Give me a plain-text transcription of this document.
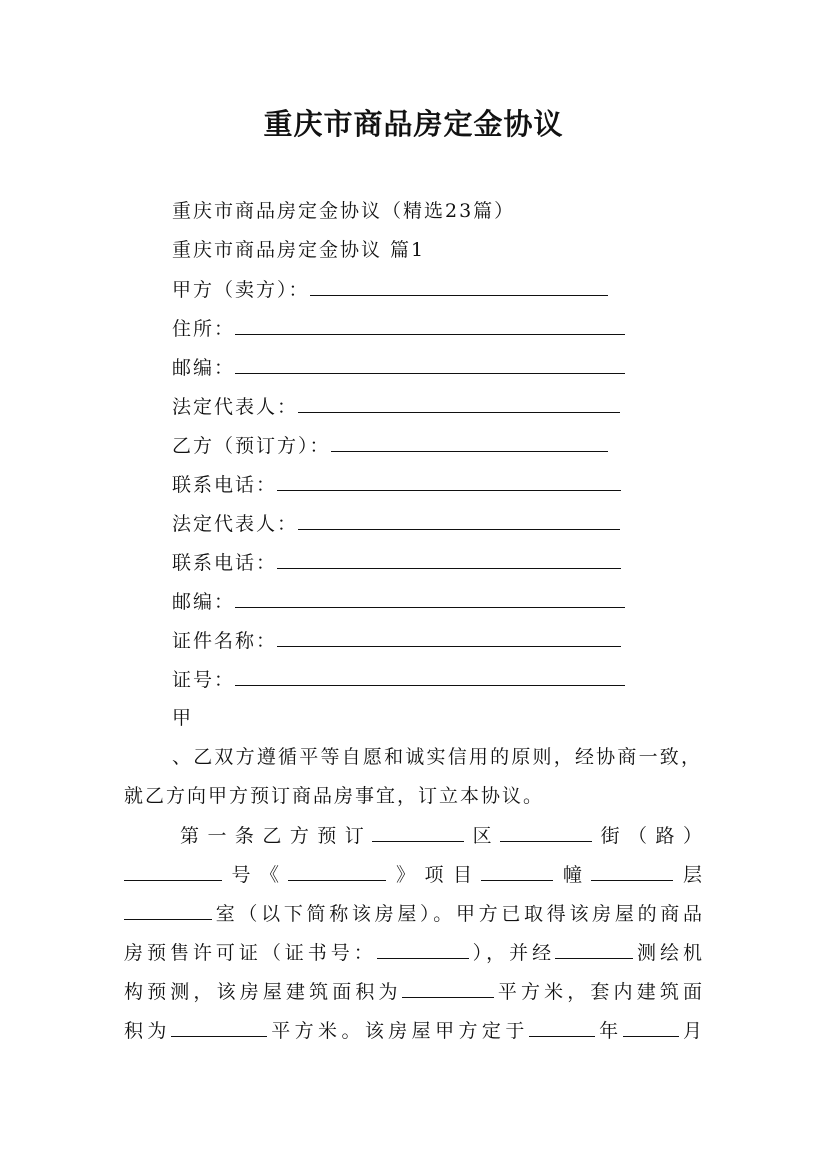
重庆市商品房定金协议
重庆市商品房定金协议（精选23篇）
重庆市商品房定金协议 篇1
甲方（卖方）：
住所：
邮编：
法定代表人：
乙方（预订方）：
联系电话：
法定代表人：
联系电话：
邮编：
证件名称：
证号：
甲
、乙双方遵循平等自愿和诚实信用的原则，经协商一致，
就乙方向甲方预订商品房事宜，订立本协议。
第一条乙方预订	区	街（路）
号《	》项目	幢	层
室（以下简称该房屋）。甲方已取得该房屋的商品
房预售许可证（证书号：	），并经	测绘机
构预测，该房屋建筑面积为	平方米，套内建筑面
积为	平方米。该房屋甲方定于	年	月
